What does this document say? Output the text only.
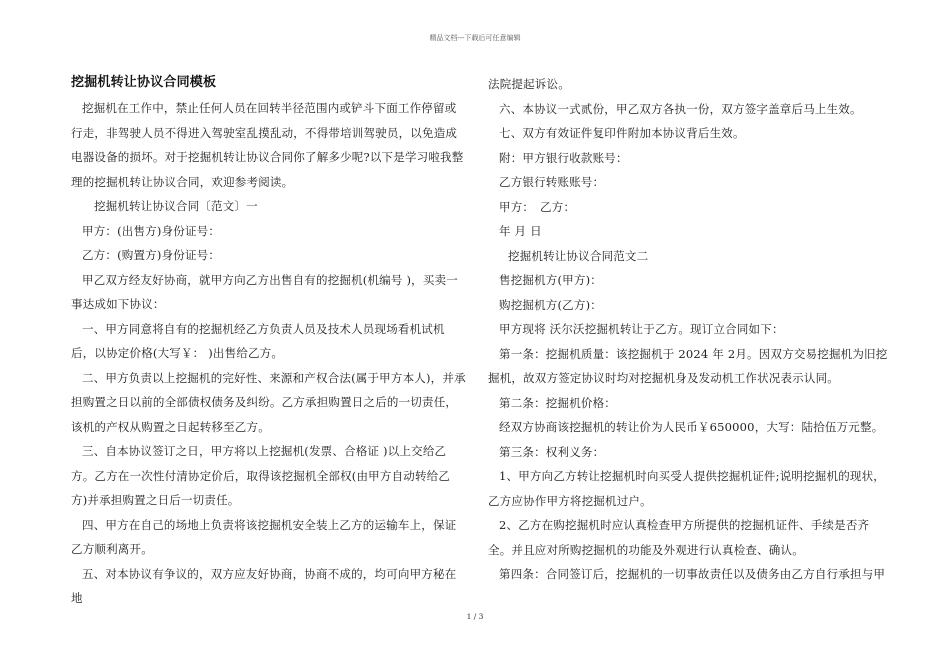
精品文档---下载后可任意编辑
挖掘机转让协议合同模板

挖掘机在工作中，禁止任何人员在回转半径范围内或铲斗下面工作停留或行走，非驾驶人员不得进入驾驶室乱摸乱动，不得带培训驾驶员，以免造成电器设备的损坏。对于挖掘机转让协议合同你了解多少呢?以下是学习啦我整理的挖掘机转让协议合同，欢迎参考阅读。

挖掘机转让协议合同〔范文〕一

甲方：(出售方)身份证号：

乙方：(购置方)身份证号：

甲乙双方经友好协商，就甲方向乙方出售自有的挖掘机(机编号 )，买卖一事达成如下协议：

一、甲方同意将自有的挖掘机经乙方负责人员及技术人员现场看机试机后，以协定价格(大写￥： )出售给乙方。

二、甲方负责以上挖掘机的完好性、来源和产权合法(属于甲方本人)，并承担购置之日以前的全部债权债务及纠纷。乙方承担购置日之后的一切责任，该机的产权从购置之日起转移至乙方。

三、自本协议签订之日，甲方将以上挖掘机(发票、合格证 )以上交给乙方。乙方在一次性付清协定价后，取得该挖掘机全部权(由甲方自动转给乙方)并承担购置之日后一切责任。

四、甲方在自己的场地上负责将该挖掘机安全装上乙方的运输车上，保证乙方顺利离开。

五、对本协议有争议的，双方应友好协商，协商不成的，均可向甲方秘在地

法院提起诉讼。

六、本协议一式贰份，甲乙双方各执一份，双方签字盖章后马上生效。

七、双方有效证件复印件附加本协议背后生效。

附：甲方银行收款账号：

乙方银行转账账号：

甲方：　乙方：

年 月 日

挖掘机转让协议合同范文二

售挖掘机方(甲方)：

购挖掘机方(乙方)：

甲方现将 沃尔沃挖掘机转让于乙方。现订立合同如下：

第一条：挖掘机质量：该挖掘机于 2024 年 2月。因双方交易挖掘机为旧挖掘机，故双方签定协议时均对挖掘机身及发动机工作状况表示认同。

第二条：挖掘机价格：

经双方协商该挖掘机的转让价为人民币￥650000，大写：陆拾伍万元整。

第三条：权利义务：

1、甲方向乙方转让挖掘机时向买受人提供挖掘机证件;说明挖掘机的现状，乙方应协作甲方将挖掘机过户。

2、乙方在购挖掘机时应认真检查甲方所提供的挖掘机证件、手续是否齐全。并且应对所购挖掘机的功能及外观进行认真检查、确认。

第四条：合同签订后，挖掘机的一切事故责任以及债务由乙方自行承担与甲

1 / 3
